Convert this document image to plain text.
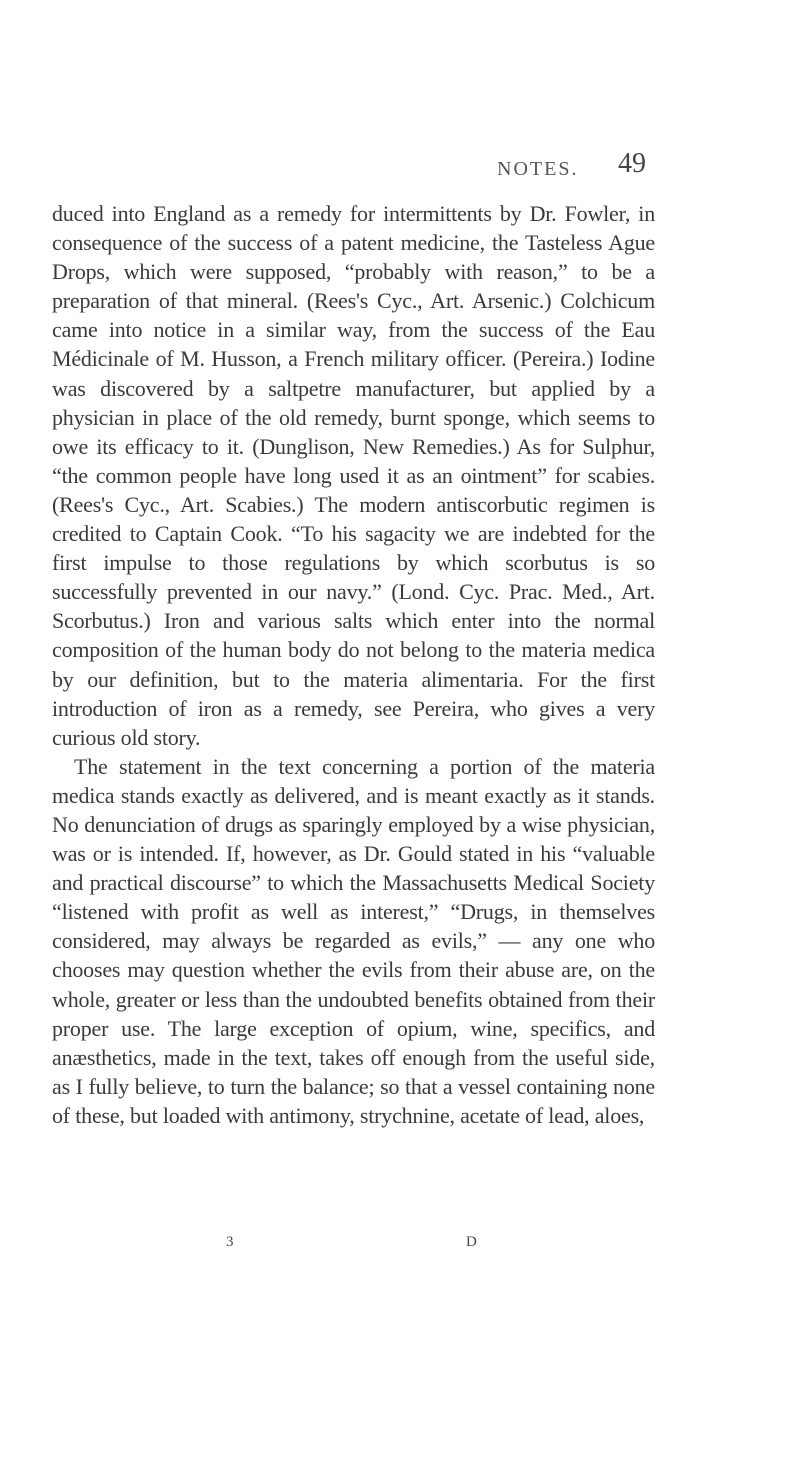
NOTES. 49

duced into England as a remedy for intermittents by Dr. Fowler, in consequence of the success of a patent medicine, the Tasteless Ague Drops, which were supposed, “probably with reason,” to be a preparation of that mineral. (Rees's Cyc., Art. Arsenic.) Colchicum came into notice in a similar way, from the success of the Eau Médicinale of M. Husson, a French military officer. (Pereira.) Iodine was discovered by a saltpetre manufacturer, but applied by a physician in place of the old remedy, burnt sponge, which seems to owe its efficacy to it. (Dunglison, New Remedies.) As for Sulphur, “the common people have long used it as an ointment” for scabies. (Rees's Cyc., Art. Scabies.) The modern antiscorbutic regimen is credited to Captain Cook. “To his sagacity we are indebted for the first impulse to those regulations by which scorbutus is so successfully prevented in our navy.” (Lond. Cyc. Prac. Med., Art. Scorbutus.) Iron and various salts which enter into the normal composition of the human body do not belong to the materia medica by our definition, but to the materia alimentaria. For the first introduction of iron as a remedy, see Pereira, who gives a very curious old story.

The statement in the text concerning a portion of the materia medica stands exactly as delivered, and is meant exactly as it stands. No denunciation of drugs as sparingly employed by a wise physician, was or is intended. If, however, as Dr. Gould stated in his “valuable and practical discourse” to which the Massachusetts Medical Society “listened with profit as well as interest,” “Drugs, in themselves considered, may always be regarded as evils,” — any one who chooses may question whether the evils from their abuse are, on the whole, greater or less than the undoubted benefits obtained from their proper use. The large exception of opium, wine, specifics, and anæsthetics, made in the text, takes off enough from the useful side, as I fully believe, to turn the balance; so that a vessel containing none of these, but loaded with antimony, strychnine, acetate of lead, aloes,

3	D
